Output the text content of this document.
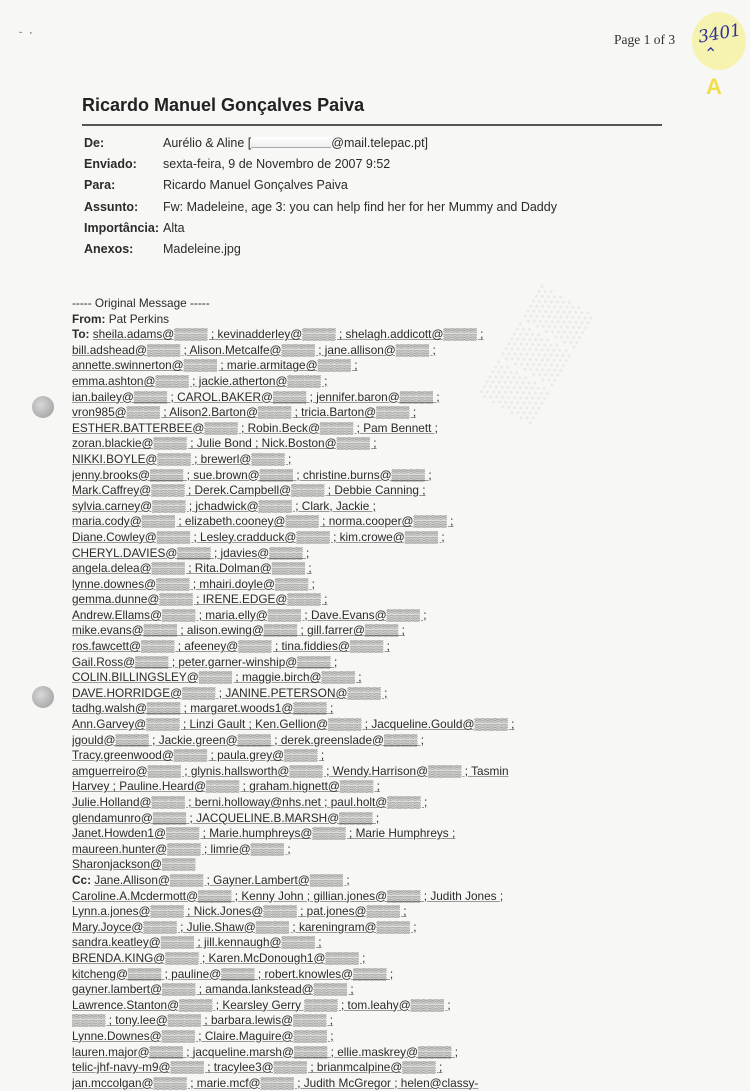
` ·	Page 1 of 3 3401
⌃
A
Ricardo Manuel Gonçalves Paiva
De:	Aurélio & Aline [	@mail.telepac.pt]
Enviado: sexta-feira, 9 de Novembro de 2007 9:52
Para:	Ricardo Manuel Gonçalves Paiva
Assunto: Fw: Madeleine, age 3: you can help find her for her Mummy and Daddy
Importância: Alta
Anexos: Madeleine.jpg
▒▒▒
----- Original Message -----
From: Pat Perkins
To: sheila.adams@▒▒▒▒ ; kevinadderley@▒▒▒▒ ; shelagh.addicott@▒▒▒▒ ;
bill.adshead@▒▒▒▒ ; Alison.Metcalfe@▒▒▒▒ ; jane.allison@▒▒▒▒ ;
annette.swinnerton@▒▒▒▒ ; marie.armitage@▒▒▒▒ ;
emma.ashton@▒▒▒▒ ; jackie.atherton@▒▒▒▒ ;
ian.bailey@▒▒▒▒ ; CAROL.BAKER@▒▒▒▒ ; jennifer.baron@▒▒▒▒ ;
vron985@▒▒▒▒ ; Alison2.Barton@▒▒▒▒ ; tricia.Barton@▒▒▒▒ ;
ESTHER.BATTERBEE@▒▒▒▒ ; Robin.Beck@▒▒▒▒ ; Pam Bennett ;
zoran.blackie@▒▒▒▒ ; Julie Bond ; Nick.Boston@▒▒▒▒ ;
NIKKI.BOYLE@▒▒▒▒ ; brewerl@▒▒▒▒ ;
jenny.brooks@▒▒▒▒ ; sue.brown@▒▒▒▒ ; christine.burns@▒▒▒▒ ;
Mark.Caffrey@▒▒▒▒ ; Derek.Campbell@▒▒▒▒ ; Debbie Canning ;
sylvia.carney@▒▒▒▒ ; jchadwick@▒▒▒▒ ; Clark, Jackie ;
maria.cody@▒▒▒▒ ; elizabeth.cooney@▒▒▒▒ ; norma.cooper@▒▒▒▒ ;
Diane.Cowley@▒▒▒▒ ; Lesley.cradduck@▒▒▒▒ ; kim.crowe@▒▒▒▒ ;
CHERYL.DAVIES@▒▒▒▒ ; jdavies@▒▒▒▒ ;
angela.delea@▒▒▒▒ ; Rita.Dolman@▒▒▒▒ ;
lynne.downes@▒▒▒▒ ; mhairi.doyle@▒▒▒▒ ;
gemma.dunne@▒▒▒▒ ; IRENE.EDGE@▒▒▒▒ ;
Andrew.Ellams@▒▒▒▒ ; maria.elly@▒▒▒▒ ; Dave.Evans@▒▒▒▒ ;
mike.evans@▒▒▒▒ ; alison.ewing@▒▒▒▒ ; gill.farrer@▒▒▒▒ ;
ros.fawcett@▒▒▒▒ ; afeeney@▒▒▒▒ ; tina.fiddies@▒▒▒▒ ;
Gail.Ross@▒▒▒▒ ; peter.garner-winship@▒▒▒▒ ;
COLIN.BILLINGSLEY@▒▒▒▒ ; maggie.birch@▒▒▒▒ ;
DAVE.HORRIDGE@▒▒▒▒ ; JANINE.PETERSON@▒▒▒▒ ;
tadhg.walsh@▒▒▒▒ ; margaret.woods1@▒▒▒▒ ;
Ann.Garvey@▒▒▒▒ ; Linzi Gault ; Ken.Gellion@▒▒▒▒ ; Jacqueline.Gould@▒▒▒▒ ;
jgould@▒▒▒▒ ; Jackie.green@▒▒▒▒ ; derek.greenslade@▒▒▒▒ ;
Tracy.greenwood@▒▒▒▒ ; paula.grey@▒▒▒▒ ;
amguerreiro@▒▒▒▒ ; glynis.hallsworth@▒▒▒▒ ; Wendy.Harrison@▒▒▒▒ ; Tasmin
Harvey ; Pauline.Heard@▒▒▒▒ ; graham.hignett@▒▒▒▒ ;
Julie.Holland@▒▒▒▒ ; berni.holloway@nhs.net ; paul.holt@▒▒▒▒ ;
glendamunro@▒▒▒▒ ; JACQUELINE.B.MARSH@▒▒▒▒ ;
Janet.Howden1@▒▒▒▒ ; Marie.humphreys@▒▒▒▒ ; Marie Humphreys ;
maureen.hunter@▒▒▒▒ ; limrie@▒▒▒▒ ;
Sharonjackson@▒▒▒▒
Cc: Jane.Allison@▒▒▒▒ ; Gayner.Lambert@▒▒▒▒ ;
Caroline.A.Mcdermott@▒▒▒▒ ; Kenny John ; gillian.jones@▒▒▒▒ ; Judith Jones ;
Lynn.a.jones@▒▒▒▒ ; Nick.Jones@▒▒▒▒ ; pat.jones@▒▒▒▒ ;
Mary.Joyce@▒▒▒▒ ; Julie.Shaw@▒▒▒▒ ; kareningram@▒▒▒▒ ;
sandra.keatley@▒▒▒▒ ; jill.kennaugh@▒▒▒▒ ;
BRENDA.KING@▒▒▒▒ ; Karen.McDonough1@▒▒▒▒ ;
kitcheng@▒▒▒▒ ; pauline@▒▒▒▒ ; robert.knowles@▒▒▒▒ ;
gayner.lambert@▒▒▒▒ ; amanda.lankstead@▒▒▒▒ ;
Lawrence.Stanton@▒▒▒▒ ; Kearsley Gerry ▒▒▒▒ ; tom.leahy@▒▒▒▒ ;
▒▒▒▒ ; tony.lee@▒▒▒▒ ; barbara.lewis@▒▒▒▒ ;
Lynne.Downes@▒▒▒▒ ; Claire.Maguire@▒▒▒▒ ;
lauren.major@▒▒▒▒ ; jacqueline.marsh@▒▒▒▒ ; ellie.maskrey@▒▒▒▒ ;
telic-jhf-navy-m9@▒▒▒▒ ; tracylee3@▒▒▒▒ ; brianmcalpine@▒▒▒▒ ;
jan.mccolgan@▒▒▒▒ ; marie.mcf@▒▒▒▒ ; Judith McGregor ; helen@classy-
